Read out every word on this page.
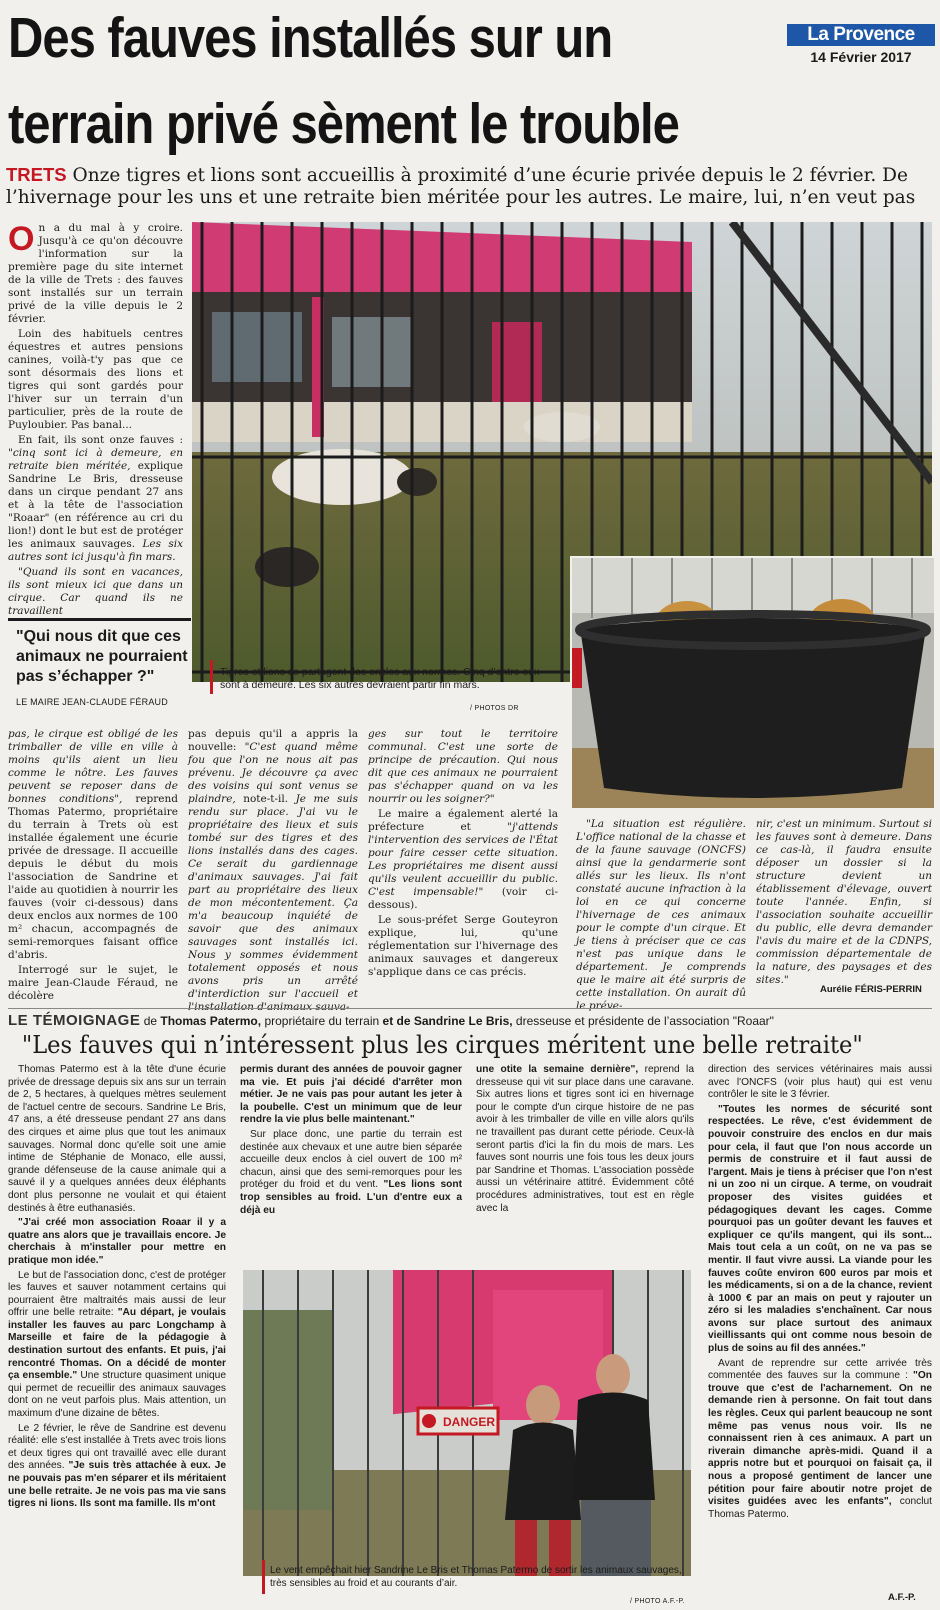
Des fauves installés sur un
terrain privé sèment le trouble
La Provence
14 Février 2017
TRETS Onze tigres et lions sont accueillis à proximité d’une écurie privée depuis le 2 février. De l’hivernage pour les uns et une retraite bien méritée pour les autres. Le maire, lui, n’en veut pas

On a du mal à y croire. Jusqu'à ce qu'on découvre l'information sur la première page du site internet de la ville de Trets : des fauves sont installés sur un terrain privé de la ville depuis le 2 février.

Loin des habituels centres équestres et autres pensions canines, voilà-t'y pas que ce sont désormais des lions et tigres qui sont gardés pour l'hiver sur un terrain d'un particulier, près de la route de Puyloubier. Pas banal...

En fait, ils sont onze fauves : "cinq sont ici à demeure, en retraite bien méritée, explique Sandrine Le Bris, dresseuse dans un cirque pendant 27 ans et à la tête de l'association "Roaar" (en référence au cri du lion!) dont le but est de protéger les animaux sauvages. Les six autres sont ici jusqu'à fin mars.

"Quand ils sont en vacances, ils sont mieux ici que dans un cirque. Car quand ils ne travaillent

"Qui nous dit que ces animaux ne pourraient pas s’échapper ?"
LE MAIRE JEAN-CLAUDE FÉRAUD
Tigres et lions se partagent des enclos aux normes. Cinq d’entre eux sont à demeure. Les six autres devraient partir fin mars.
/ PHOTOS DR

pas, le cirque est obligé de les trimballer de ville en ville à moins qu'ils aient un lieu comme le nôtre. Les fauves peuvent se reposer dans de bonnes conditions", reprend Thomas Patermo, propriétaire du terrain à Trets où est installée également une écurie privée de dressage. Il accueille depuis le début du mois l'association de Sandrine et l'aide au quotidien à nourrir les fauves (voir ci-dessous) dans deux enclos aux normes de 100 m² chacun, accompagnés de semi-remorques faisant office d'abris.

Interrogé sur le sujet, le maire Jean-Claude Féraud, ne décolère

pas depuis qu'il a appris la nouvelle: "C'est quand même fou que l'on ne nous ait pas prévenu. Je découvre ça avec des voisins qui sont venus se plaindre, note-t-il. Je me suis rendu sur place. J'ai vu le propriétaire des lieux et suis tombé sur des tigres et des lions installés dans des cages. Ce serait du gardiennage d'animaux sauvages. J'ai fait part au propriétaire des lieux de mon mécontentement. Ça m'a beaucoup inquiété de savoir que des animaux sauvages sont installés ici. Nous y sommes évidemment totalement opposés et nous avons pris un arrêté d'interdiction sur l'accueil et l'installation d'animaux sauva-

ges sur tout le territoire communal. C'est une sorte de principe de précaution. Qui nous dit que ces animaux ne pourraient pas s'échapper quand on va les nourrir ou les soigner?"

Le maire a également alerté la préfecture et "j'attends l'intervention des services de l'État pour faire cesser cette situation. Les propriétaires me disent aussi qu'ils veulent accueillir du public. C'est impensable!" (voir ci-dessous).

Le sous-préfet Serge Gouteyron explique, lui, qu'une réglementation sur l'hivernage des animaux sauvages et dangereux s'applique dans ce cas précis.

"La situation est régulière. L'office national de la chasse et de la faune sauvage (ONCFS) ainsi que la gendarmerie sont allés sur les lieux. Ils n'ont constaté aucune infraction à la loi en ce qui concerne l'hivernage de ces animaux pour le compte d'un cirque. Et je tiens à préciser que ce cas n'est pas unique dans le département. Je comprends que le maire ait été surpris de cette installation. On aurait dû le préve-

nir, c'est un minimum. Surtout si les fauves sont à demeure. Dans ce cas-là, il faudra ensuite déposer un dossier si la structure devient un établissement d'élevage, ouvert toute l'année. Enfin, si l'association souhaite accueillir du public, elle devra demander l'avis du maire et de la CDNPS, commission départementale de la nature, des paysages et des sites."

Aurélie FÉRIS-PERRIN
LE TÉMOIGNAGE de Thomas Patermo, propriétaire du terrain et de Sandrine Le Bris, dresseuse et présidente de l’association "Roaar"
"Les fauves qui n’intéressent plus les cirques méritent une belle retraite"

Thomas Patermo est à la tête d'une écurie privée de dressage depuis six ans sur un terrain de 2, 5 hectares, à quelques mètres seulement de l'actuel centre de secours. Sandrine Le Bris, 47 ans, a été dresseuse pendant 27 ans dans des cirques et aime plus que tout les animaux sauvages. Normal donc qu'elle soit une amie intime de Stéphanie de Monaco, elle aussi, grande défenseuse de la cause animale qui a sauvé il y a quelques années deux éléphants dont plus personne ne voulait et qui étaient destinés à être euthanasiés.

"J'ai créé mon association Roaar il y a quatre ans alors que je travaillais encore. Je cherchais à m'installer pour mettre en pratique mon idée."

Le but de l'association donc, c'est de protéger les fauves et sauver notamment certains qui pourraient être maltraités mais aussi de leur offrir une belle retraite: "Au départ, je voulais installer les fauves au parc Longchamp à Marseille et faire de la pédagogie à destination surtout des enfants. Et puis, j'ai rencontré Thomas. On a décidé de monter ça ensemble." Une structure quasiment unique qui permet de recueillir des animaux sauvages dont on ne veut parfois plus. Mais attention, un maximum d'une dizaine de bêtes.

Le 2 février, le rêve de Sandrine est devenu réalité: elle s'est installée à Trets avec trois lions et deux tigres qui ont travaillé avec elle durant des années. "Je suis très attachée à eux. Je ne pouvais pas m'en séparer et ils méritaient une belle retraite. Je ne vois pas ma vie sans tigres ni lions. Ils sont ma famille. Ils m'ont

permis durant des années de pouvoir gagner ma vie. Et puis j'ai décidé d'arrêter mon métier. Je ne vais pas pour autant les jeter à la poubelle. C'est un minimum que de leur rendre la vie plus belle maintenant."

Sur place donc, une partie du terrain est destinée aux chevaux et une autre bien séparée accueille deux enclos à ciel ouvert de 100 m² chacun, ainsi que des semi-remorques pour les protéger du froid et du vent. "Les lions sont trop sensibles au froid. L'un d'entre eux a déjà eu

une otite la semaine dernière", reprend la dresseuse qui vit sur place dans une caravane. Six autres lions et tigres sont ici en hivernage pour le compte d'un cirque histoire de ne pas avoir à les trimballer de ville en ville alors qu'ils ne travaillent pas durant cette période. Ceux-là seront partis d'ici la fin du mois de mars. Les fauves sont nourris une fois tous les deux jours par Sandrine et Thomas. L'association possède aussi un vétérinaire attitré. Évidemment côté procédures administratives, tout est en règle avec la

direction des services vétérinaires mais aussi avec l'ONCFS (voir plus haut) qui est venu contrôler le site le 3 février.

"Toutes les normes de sécurité sont respectées. Le rêve, c'est évidemment de pouvoir construire des enclos en dur mais pour cela, il faut que l'on nous accorde un permis de construire et il faut aussi de l'argent. Mais je tiens à préciser que l'on n'est ni un zoo ni un cirque. A terme, on voudrait proposer des visites guidées et pédagogiques devant les cages. Comme pourquoi pas un goûter devant les fauves et expliquer ce qu'ils mangent, qui ils sont... Mais tout cela a un coût, on ne va pas se mentir. Il faut vivre aussi. La viande pour les fauves coûte environ 600 euros par mois et les médicaments, si on a de la chance, revient à 1000 € par an mais on peut y rajouter un zéro si les maladies s'enchaînent. Car nous avons sur place surtout des animaux vieillissants qui ont comme nous besoin de plus de soins au fil des années."

Avant de reprendre sur cette arrivée très commentée des fauves sur la commune : "On trouve que c'est de l'acharnement. On ne demande rien à personne. On fait tout dans les règles. Ceux qui parlent beaucoup ne sont même pas venus nous voir. Ils ne connaissent rien à ces animaux. A part un riverain dimanche après-midi. Quand il a appris notre but et pourquoi on faisait ça, il nous a proposé gentiment de lancer une pétition pour faire aboutir notre projet de visites guidées avec les enfants", conclut Thomas Patermo.

A.F.-P.
DANGER
Le vent empêchait hier Sandrine Le Bris et Thomas Patermo de sortir les animaux sauvages, très sensibles au froid et au courants d’air.
/ PHOTO A.F.-P.
